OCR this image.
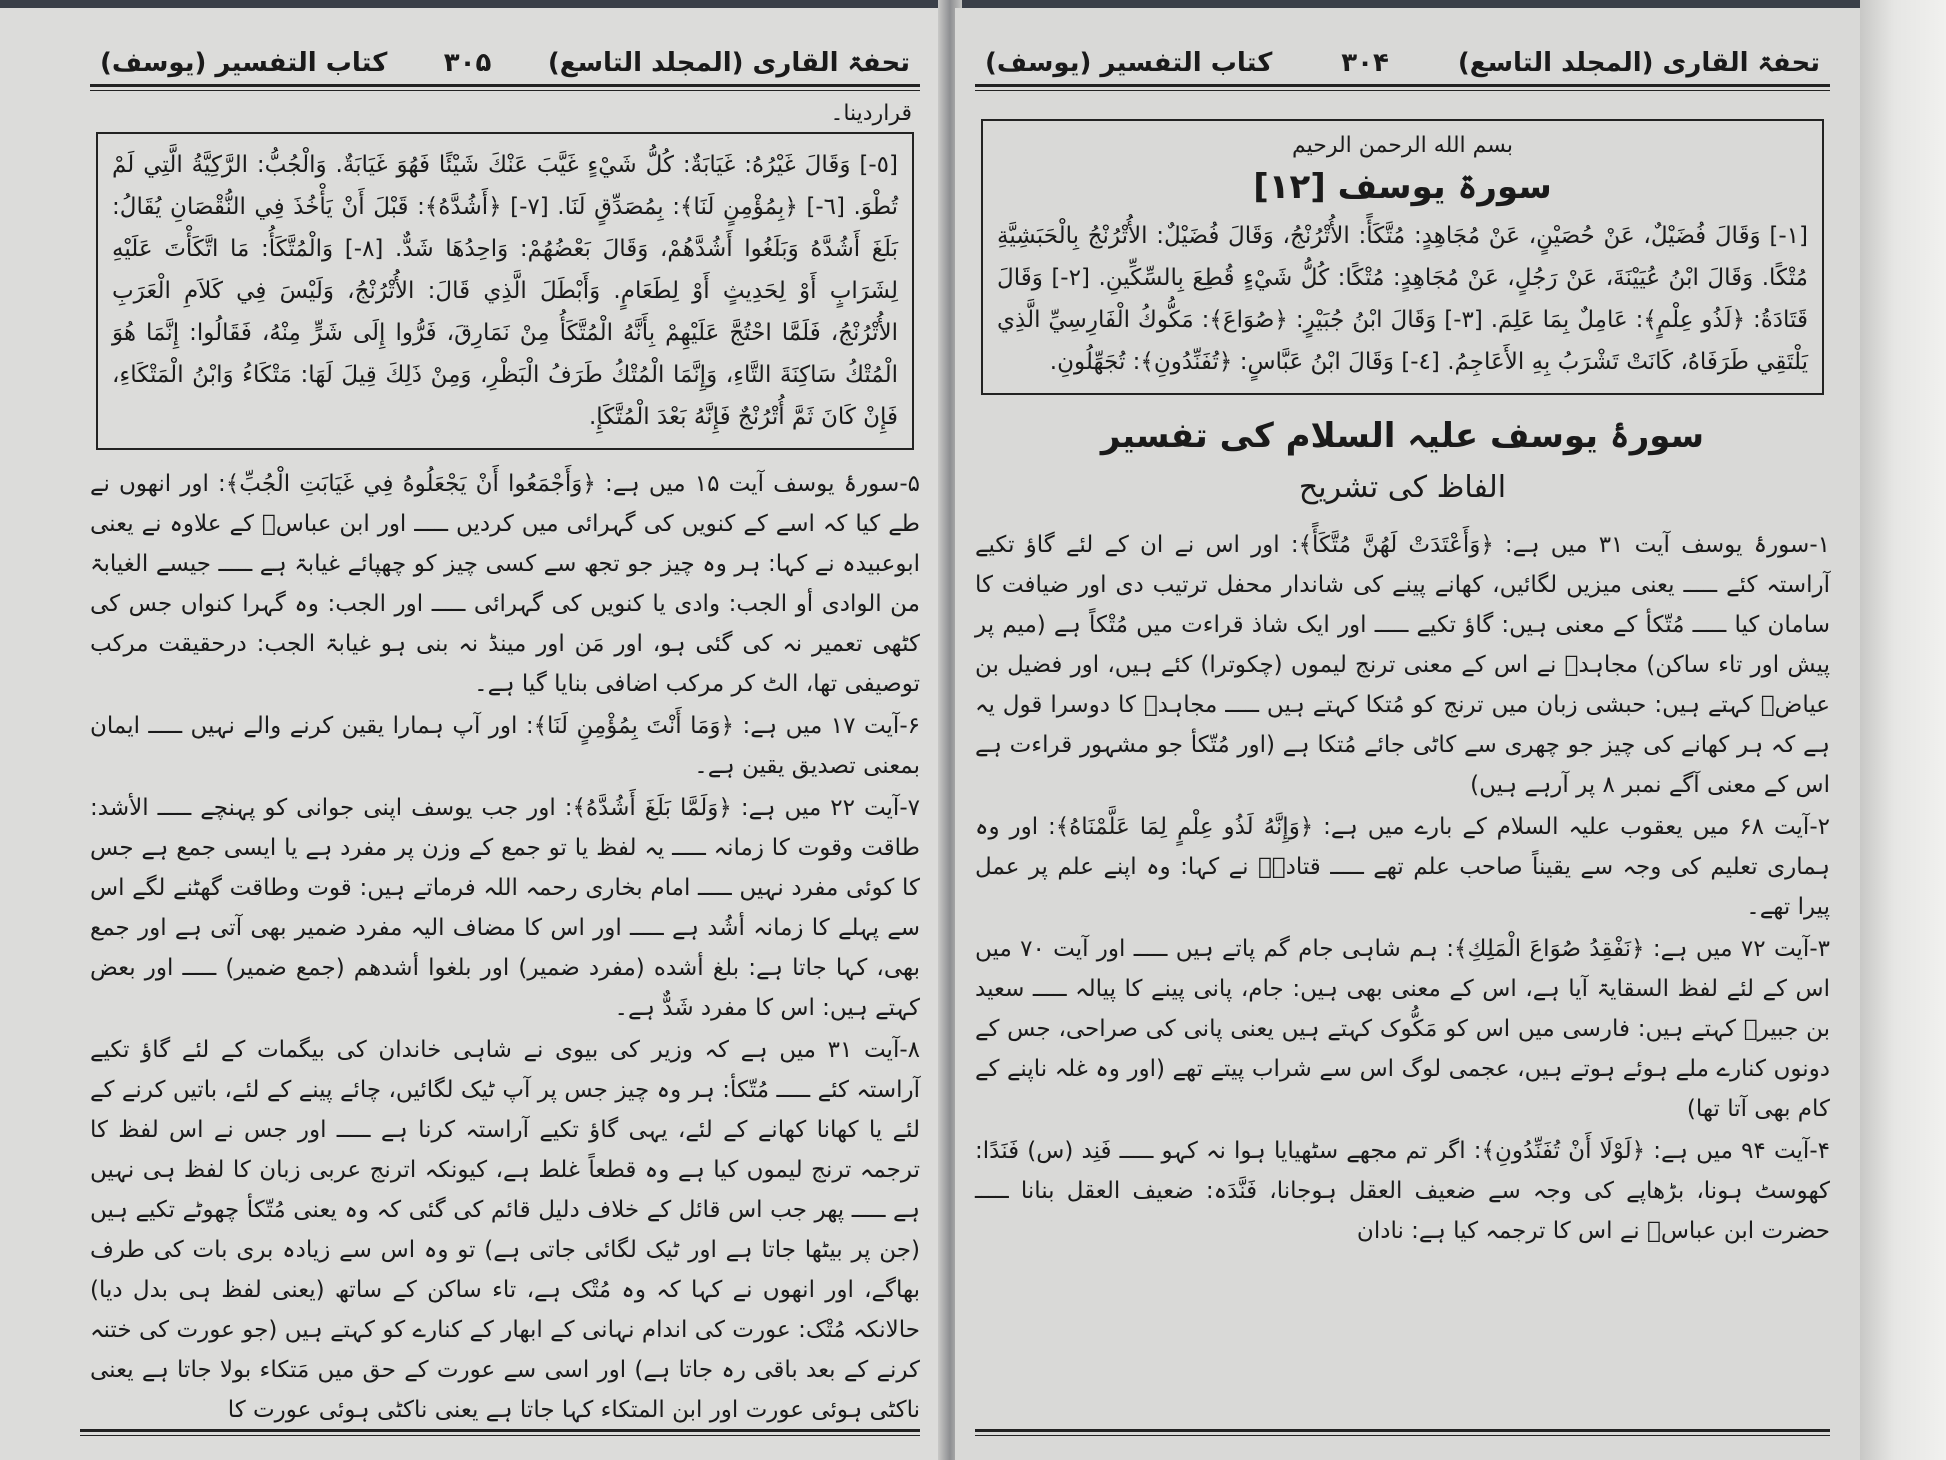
تحفۃ القاری (المجلد التاسع)
۳۰۵
كتاب التفسير (يوسف)
قراردینا۔

[٥-] وَقَالَ غَيْرُهُ: غَيَابَةٌ: كُلُّ شَيْءٍ غَيَّبَ عَنْكَ شَيْئًا فَهُوَ غَيَابَةٌ. وَالْجُبُّ: الرَّكِيَّةُ الَّتِي لَمْ تُطْوَ. [٦-] ﴿بِمُؤْمِنٍ لَنَا﴾: بِمُصَدِّقٍ لَنَا. [٧-] ﴿أَشُدَّهُ﴾: قَبْلَ أَنْ يَأْخُذَ فِي النُّقْصَانِ يُقَالُ: بَلَغَ أَشُدَّهُ وَبَلَغُوا أَشُدَّهُمْ، وَقَالَ بَعْضُهُمْ: وَاحِدُهَا شَدٌّ. [٨-] وَالْمُتَّكَأُ: مَا اتَّكَأْتَ عَلَيْهِ لِشَرَابٍ أَوْ لِحَدِيثٍ أَوْ لِطَعَامٍ. وَأَبْطَلَ الَّذِي قَالَ: الأُتْرُنْجُ، وَلَيْسَ فِي كَلاَمِ الْعَرَبِ الأُتْرُنْجُ، فَلَمَّا احْتُجَّ عَلَيْهِمْ بِأَنَّهُ الْمُتَّكَأُ مِنْ نَمَارِقَ، فَرُّوا إِلَى شَرٍّ مِنْهُ، فَقَالُوا: إِنَّمَا هُوَ الْمُتْكُ سَاكِنَةَ التَّاءِ، وَإِنَّمَا الْمُتْكُ طَرَفُ الْبَظْرِ، وَمِنْ ذَلِكَ قِيلَ لَهَا: مَتْكَاءُ وَابْنُ الْمَتْكَاءِ، فَإِنْ كَانَ ثَمَّ أُتْرُنْجٌ فَإِنَّهُ بَعْدَ الْمُتَّكَإِ.

۵-سورۂ یوسف آیت ۱۵ میں ہے: ﴿وَأَجْمَعُوا أَنْ يَجْعَلُوهُ فِي غَيَابَتِ الْجُبِّ﴾: اور انھوں نے طے کیا کہ اسے کے کنویں کی گہرائی میں کردیں ـــــ اور ابن عباسؓ کے علاوہ نے یعنی ابوعبیدہ نے کہا: ہر وہ چیز جو تجھ سے کسی چیز کو چھپائے غیابۃ ہے ـــــ جیسے الغیابۃ من الوادی أو الجب: وادی یا کنویں کی گہرائی ـــــ اور الجب: وہ گہرا کنواں جس کی کٹھی تعمیر نہ کی گئی ہو، اور مَن اور مینڈ نہ بنی ہو غیابۃ الجب: درحقیقت مرکب توصیفی تھا، الٹ کر مرکب اضافی بنایا گیا ہے۔

۶-آیت ۱۷ میں ہے: ﴿وَمَا أَنْتَ بِمُؤْمِنٍ لَنَا﴾: اور آپ ہمارا یقین کرنے والے نہیں ـــــ ایمان بمعنی تصدیق یقین ہے۔

۷-آیت ۲۲ میں ہے: ﴿وَلَمَّا بَلَغَ أَشُدَّهُ﴾: اور جب یوسف اپنی جوانی کو پہنچے ـــــ الأشد: طاقت وقوت کا زمانہ ـــــ یہ لفظ یا تو جمع کے وزن پر مفرد ہے یا ایسی جمع ہے جس کا کوئی مفرد نہیں ـــــ امام بخاری رحمہ اللہ فرماتے ہیں: قوت وطاقت گھٹنے لگے اس سے پہلے کا زمانہ أشُد ہے ـــــ اور اس کا مضاف الیہ مفرد ضمیر بھی آتی ہے اور جمع بھی، کہا جاتا ہے: بلغ أشده (مفرد ضمیر) اور بلغوا أشدهم (جمع ضمیر) ـــــ اور بعض کہتے ہیں: اس کا مفرد شَدٌّ ہے۔

۸-آیت ۳۱ میں ہے کہ وزیر کی بیوی نے شاہی خاندان کی بیگمات کے لئے گاؤ تکیے آراستہ کئے ـــــ مُتّکأ: ہر وہ چیز جس پر آپ ٹیک لگائیں، چائے پینے کے لئے، باتیں کرنے کے لئے یا کھانا کھانے کے لئے، یہی گاؤ تکیے آراستہ کرنا ہے ـــــ اور جس نے اس لفظ کا ترجمہ ترنج لیموں کیا ہے وہ قطعاً غلط ہے، کیونکہ اترنج عربی زبان کا لفظ ہی نہیں ہے ـــــ پھر جب اس قائل کے خلاف دلیل قائم کی گئی کہ وہ یعنی مُتّکأ چھوٹے تکیے ہیں (جن پر بیٹھا جاتا ہے اور ٹیک لگائی جاتی ہے) تو وہ اس سے زیادہ بری بات کی طرف بھاگے، اور انھوں نے کہا کہ وہ مُتْک ہے، تاء ساکن کے ساتھ (یعنی لفظ ہی بدل دیا) حالانکہ مُتْک: عورت کی اندام نہانی کے ابھار کے کنارے کو کہتے ہیں (جو عورت کی ختنہ کرنے کے بعد باقی رہ جاتا ہے) اور اسی سے عورت کے حق میں مَتکاء بولا جاتا ہے یعنی ناکٹی ہوئی عورت اور ابن المتکاء کہا جاتا ہے یعنی ناکٹی ہوئی عورت کا

تحفۃ القاری (المجلد التاسع)
۳۰۴
كتاب التفسير (يوسف)
بسم الله الرحمن الرحيم
[۱۲] سورۃ یوسف

[١-] وَقَالَ فُضَيْلٌ، عَنْ حُصَيْنٍ، عَنْ مُجَاهِدٍ: مُتَّكَأً: الأُتْرُنْجُ، وَقَالَ فُضَيْلٌ: الأُتْرُنْجُ بِالْحَبَشِيَّةِ مُتْكًا. وَقَالَ ابْنُ عُيَيْنَةَ، عَنْ رَجُلٍ، عَنْ مُجَاهِدٍ: مُتْكًا: كُلُّ شَيْءٍ قُطِعَ بِالسِّكِّينِ. [٢-] وَقَالَ قَتَادَةُ: ﴿لَذُو عِلْمٍ﴾: عَامِلٌ بِمَا عَلِمَ. [٣-] وَقَالَ ابْنُ جُبَيْرٍ: ﴿صُوَاعَ﴾: مَكُّوكُ الْفَارِسِيِّ الَّذِي يَلْتَقِي طَرَفَاهُ، كَانَتْ تَشْرَبُ بِهِ الأَعَاجِمُ. [٤-] وَقَالَ ابْنُ عَبَّاسٍ: ﴿تُفَنِّدُونِ﴾: تُجَهِّلُونِ.

سورۂ یوسف علیہ السلام کی تفسیر
الفاظ کی تشریح

۱-سورۂ یوسف آیت ۳۱ میں ہے: ﴿وَأَعْتَدَتْ لَهُنَّ مُتَّكَأً﴾: اور اس نے ان کے لئے گاؤ تکیے آراستہ کئے ـــــ یعنی میزیں لگائیں، کھانے پینے کی شاندار محفل ترتیب دی اور ضیافت کا سامان کیا ـــــ مُتّکأ کے معنی ہیں: گاؤ تکیے ـــــ اور ایک شاذ قراءت میں مُتْکاً ہے (میم پر پیش اور تاء ساکن) مجاہدؒ نے اس کے معنی ترنج لیموں (چکوترا) کئے ہیں، اور فضیل بن عیاضؒ کہتے ہیں: حبشی زبان میں ترنج کو مُتکا کہتے ہیں ـــــ مجاہدؒ کا دوسرا قول یہ ہے کہ ہر کھانے کی چیز جو چھری سے کاٹی جائے مُتکا ہے (اور مُتّکأ جو مشہور قراءت ہے اس کے معنی آگے نمبر ۸ پر آرہے ہیں)

۲-آیت ۶۸ میں یعقوب علیہ السلام کے بارے میں ہے: ﴿وَإِنَّهُ لَذُو عِلْمٍ لِمَا عَلَّمْنَاهُ﴾: اور وہ ہماری تعلیم کی وجہ سے یقیناً صاحب علم تھے ـــــ قتادہؒ نے کہا: وہ اپنے علم پر عمل پیرا تھے۔

۳-آیت ۷۲ میں ہے: ﴿نَفْقِدُ صُوَاعَ الْمَلِكِ﴾: ہم شاہی جام گم پاتے ہیں ـــــ اور آیت ۷۰ میں اس کے لئے لفظ السقایۃ آیا ہے، اس کے معنی بھی ہیں: جام، پانی پینے کا پیالہ ـــــ سعید بن جبیرؒ کہتے ہیں: فارسی میں اس کو مَکُّوک کہتے ہیں یعنی پانی کی صراحی، جس کے دونوں کنارے ملے ہوئے ہوتے ہیں، عجمی لوگ اس سے شراب پیتے تھے (اور وہ غلہ ناپنے کے کام بھی آتا تھا)

۴-آیت ۹۴ میں ہے: ﴿لَوْلَا أَنْ تُفَنِّدُونِ﴾: اگر تم مجھے سٹھیایا ہوا نہ کہو ـــــ فَنِد (س) فَنَدًا: کھوسٹ ہونا، بڑھاپے کی وجہ سے ضعیف العقل ہوجانا، فَنَّدَہ: ضعیف العقل بنانا ـــــ حضرت ابن عباسؓ نے اس کا ترجمہ کیا ہے: نادان
